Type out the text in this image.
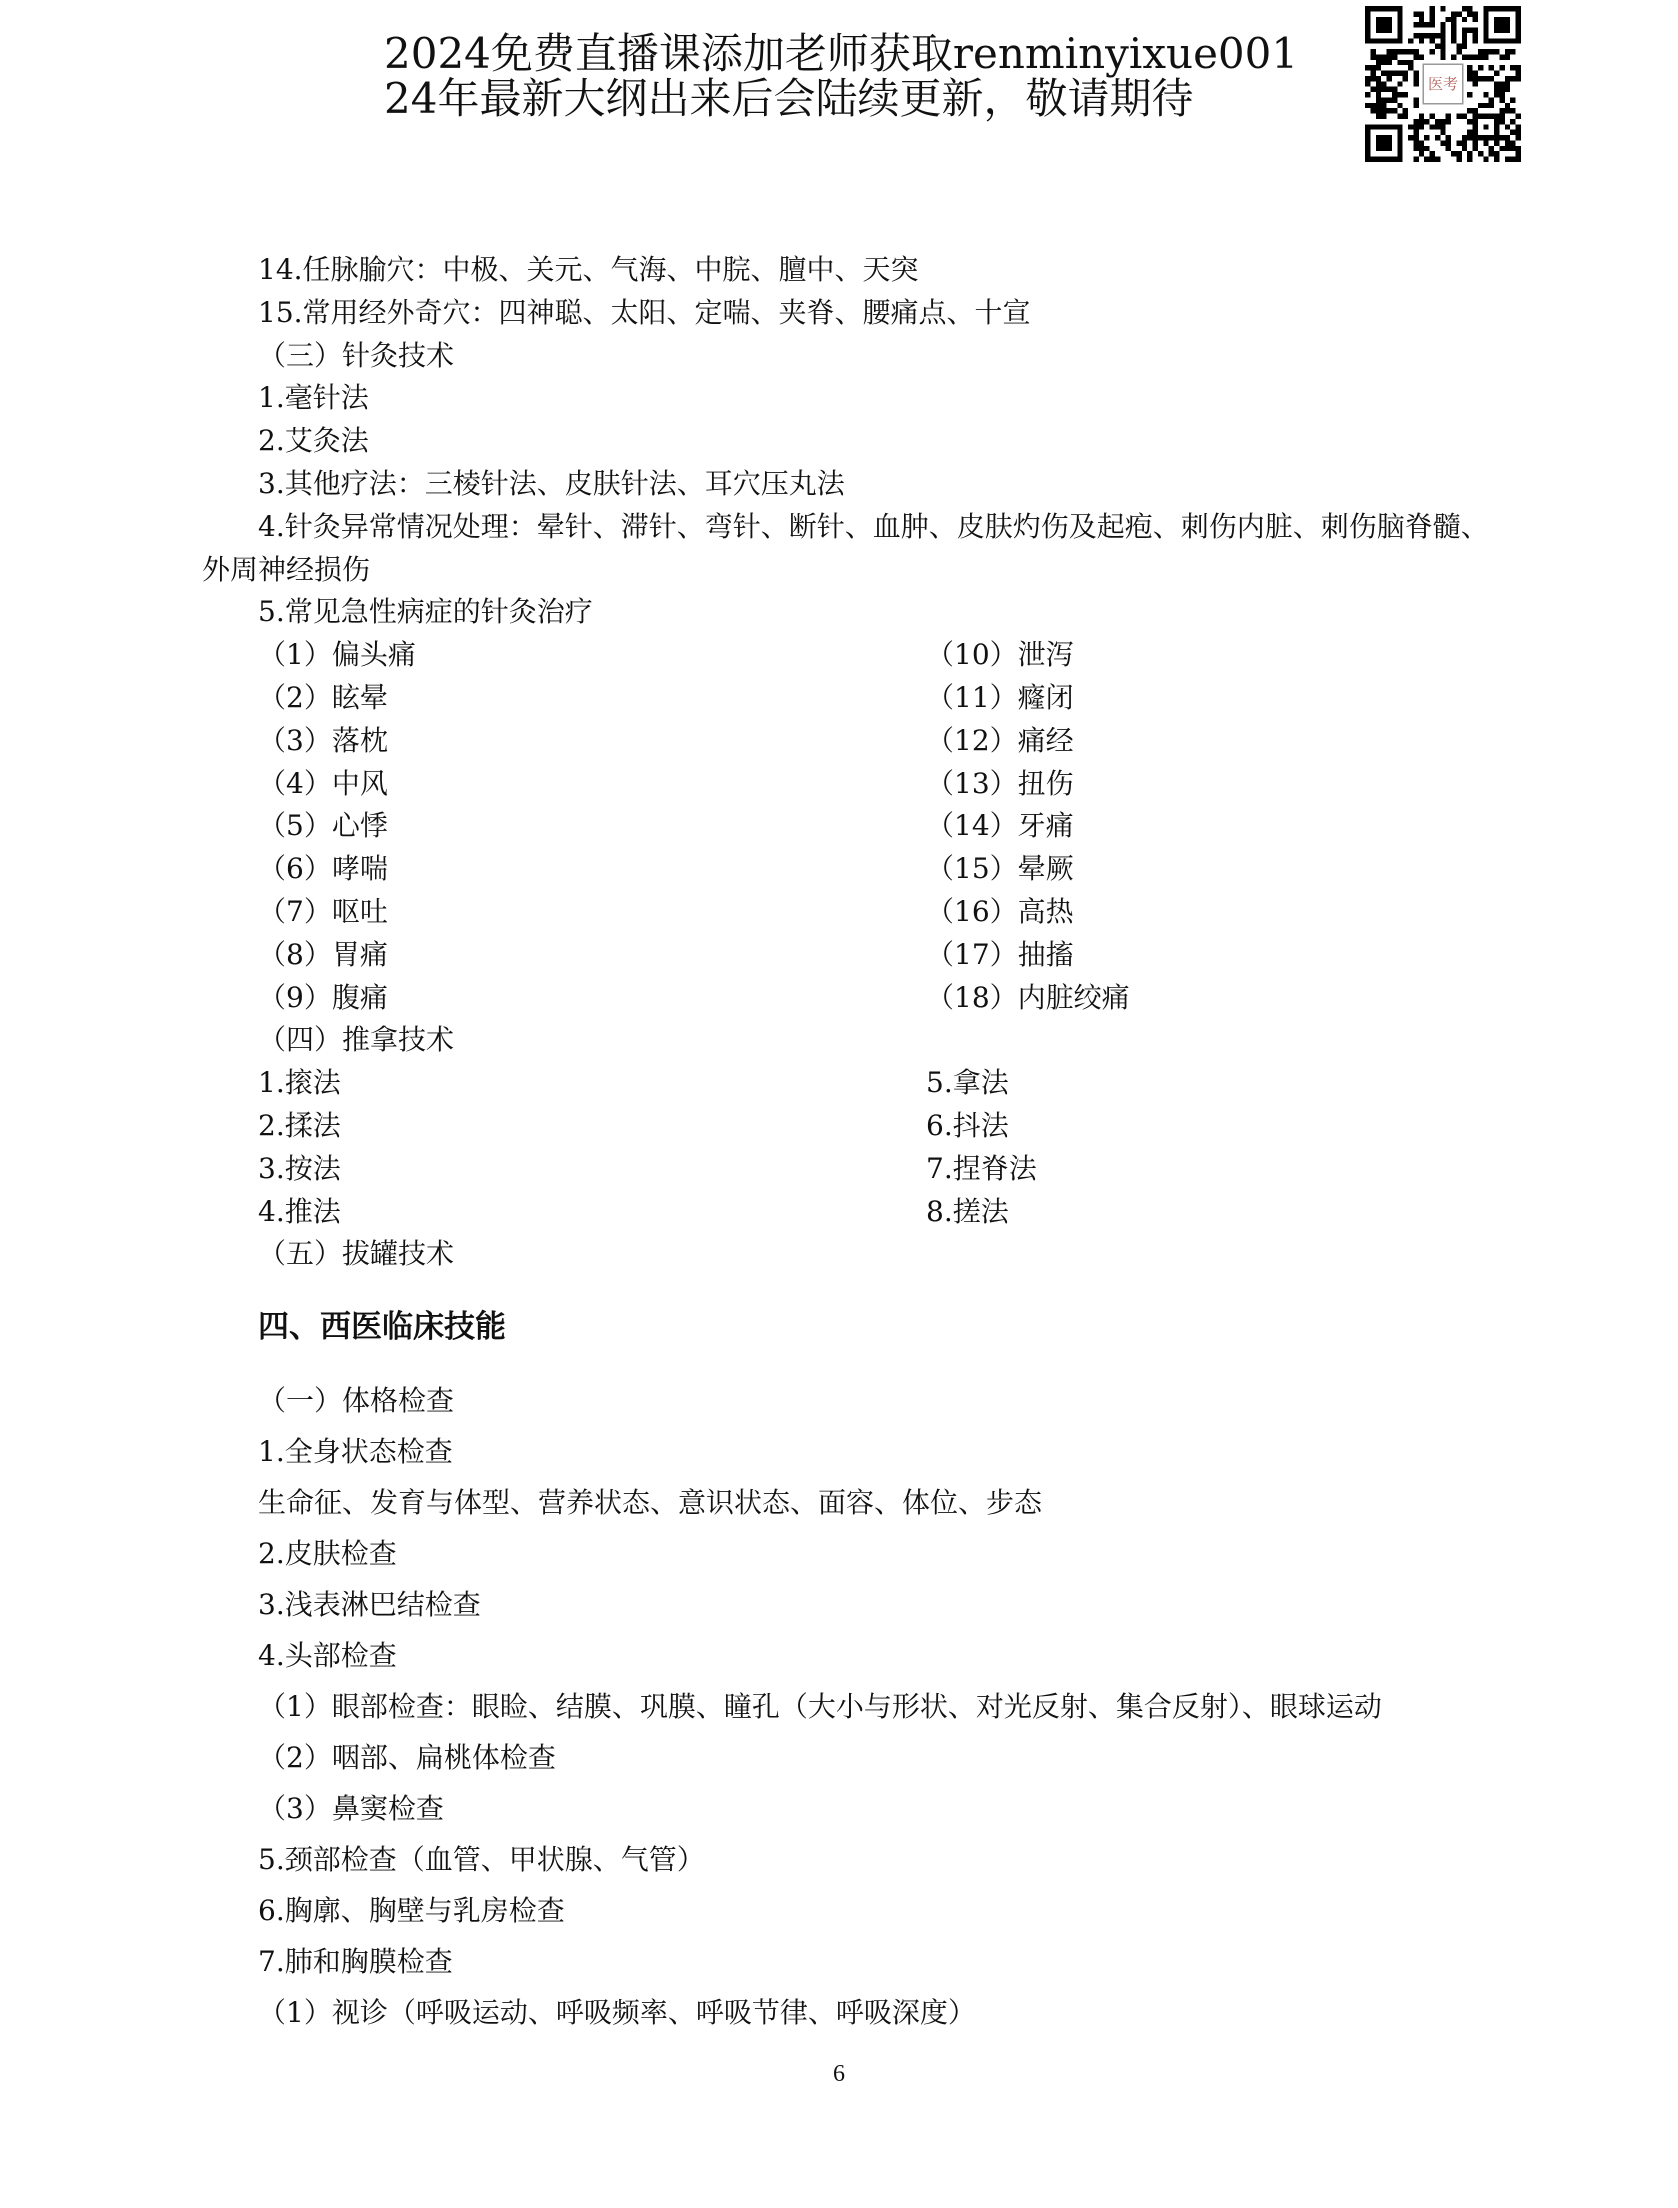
2024免费直播课添加老师获取renminyixue001
24年最新大纲出来后会陆续更新，敬请期待	医考
14.任脉腧穴：中极、关元、气海、中脘、膻中、天突
15.常用经外奇穴：四神聪、太阳、定喘、夹脊、腰痛点、十宣
（三）针灸技术
1.毫针法
2.艾灸法
3.其他疗法：三棱针法、皮肤针法、耳穴压丸法
4.针灸异常情况处理：晕针、滞针、弯针、断针、血肿、皮肤灼伤及起疱、刺伤内脏、刺伤脑脊髓、
外周神经损伤
5.常见急性病症的针灸治疗
（1）偏头痛	（10）泄泻
（2）眩晕	（11）癃闭
（3）落枕	（12）痛经
（4）中风	（13）扭伤
（5）心悸	（14）牙痛
（6）哮喘	（15）晕厥
（7）呕吐	（16）高热
（8）胃痛	（17）抽搐
（9）腹痛	（18）内脏绞痛
（四）推拿技术
1.㨰法	5.拿法
2.揉法	6.抖法
3.按法	7.捏脊法
4.推法	8.搓法
（五）拔罐技术
四、西医临床技能
（一）体格检查
1.全身状态检查
生命征、发育与体型、营养状态、意识状态、面容、体位、步态
2.皮肤检查
3.浅表淋巴结检查
4.头部检查
（1）眼部检查：眼睑、结膜、巩膜、瞳孔（大小与形状、对光反射、集合反射）、眼球运动
（2）咽部、扁桃体检查
（3）鼻窦检查
5.颈部检查（血管、甲状腺、气管）
6.胸廓、胸壁与乳房检查
7.肺和胸膜检查
（1）视诊（呼吸运动、呼吸频率、呼吸节律、呼吸深度）
6
